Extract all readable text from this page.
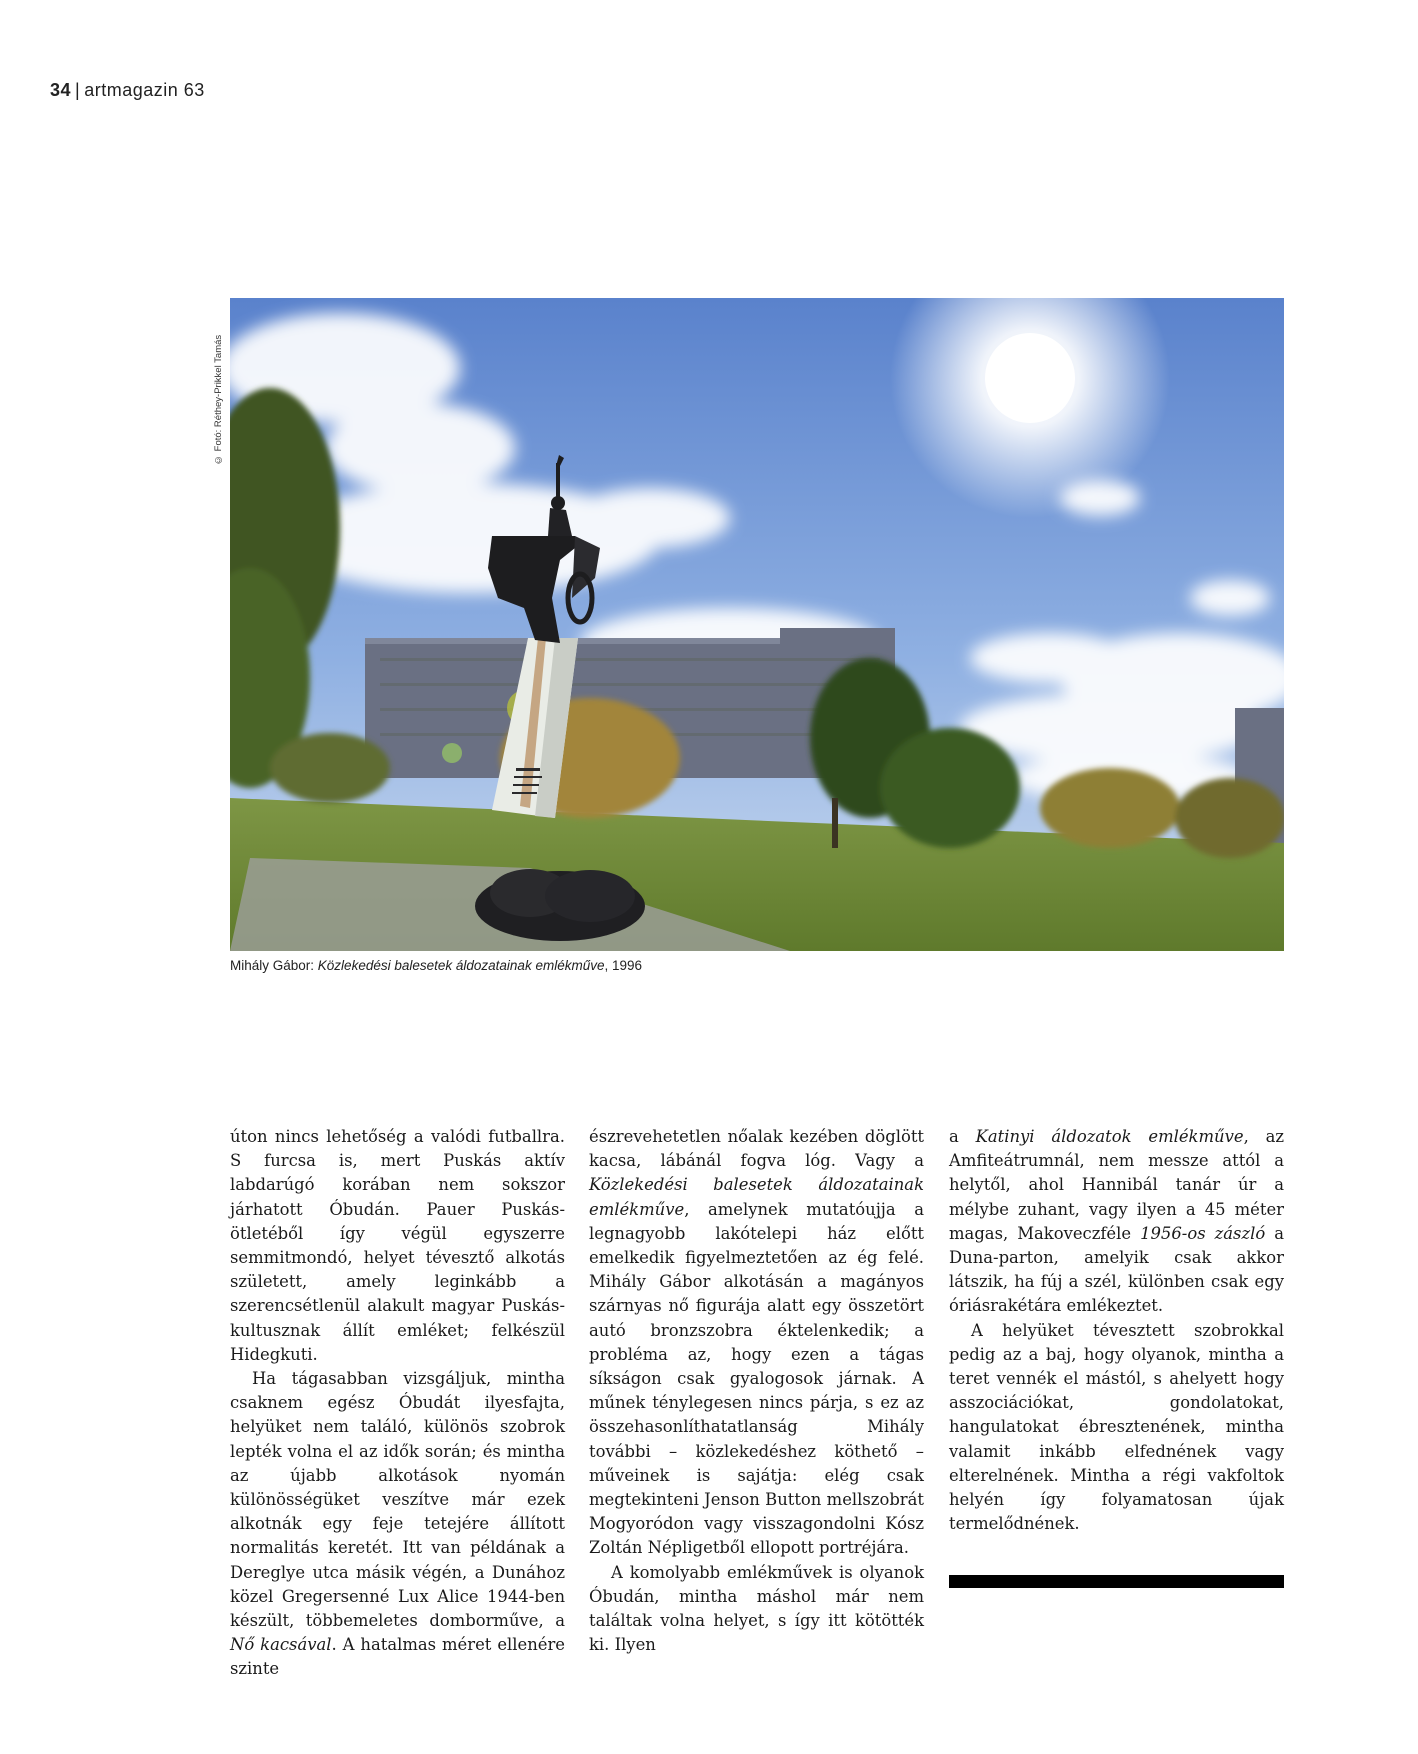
34 | artmagazin 63
© Fotó: Réthey-Prikkel Tamás
Mihály Gábor: Közlekedési balesetek áldozatainak emlékműve, 1996

úton nincs lehetőség a valódi futballra. S furcsa is, mert Puskás aktív labdarúgó korában nem sokszor járhatott Óbudán. Pauer Puskás-ötletéből így végül egyszerre semmitmondó, helyet tévesztő alkotás született, amely leginkább a szerencsétlenül alakult magyar Puskás-kultusznak állít emléket; felkészül Hidegkuti.

Ha tágasabban vizsgáljuk, mintha csaknem egész Óbudát ilyesfajta, helyüket nem találó, különös szobrok lepték volna el az idők során; és mintha az újabb alkotások nyomán különösségüket veszítve már ezek alkotnák egy feje tetejére állított normalitás keretét. Itt van példának a Dereglye utca másik végén, a Dunához közel Gregersenné Lux Alice 1944-ben készült, többemeletes domborműve, a Nő kacsával. A hatalmas méret ellenére szinte

észrevehetetlen nőalak kezében döglött kacsa, lábánál fogva lóg. Vagy a Közlekedési balesetek áldozatainak emlékműve, amelynek mutatóujja a legnagyobb lakótelepi ház előtt emelkedik figyelmeztetően az ég felé. Mihály Gábor alkotásán a magányos szárnyas nő figurája alatt egy összetört autó bronzszobra éktelenkedik; a probléma az, hogy ezen a tágas síkságon csak gyalogosok járnak. A műnek ténylegesen nincs párja, s ez az összehasonlíthatatlanság Mihály további – közlekedéshez köthető – műveinek is sajátja: elég csak megtekinteni Jenson Button mellszobrát Mogyoródon vagy visszagondolni Kósz Zoltán Népligetből ellopott portréjára.

A komolyabb emlékművek is olyanok Óbudán, mintha máshol már nem találtak volna helyet, s így itt kötötték ki. Ilyen

a Katinyi áldozatok emlékműve, az Amfiteátrumnál, nem messze attól a helytől, ahol Hannibál tanár úr a mélybe zuhant, vagy ilyen a 45 méter magas, Makoveczféle 1956-os zászló a Duna-parton, amelyik csak akkor látszik, ha fúj a szél, különben csak egy óriásrakétára emlékeztet.

A helyüket tévesztett szobrokkal pedig az a baj, hogy olyanok, mintha a teret vennék el mástól, s ahelyett hogy asszociációkat, gondolatokat, hangulatokat ébresztenének, mintha valamit inkább elfednének vagy elterelnének. Mintha a régi vakfoltok helyén így folyamatosan újak termelődnének.
